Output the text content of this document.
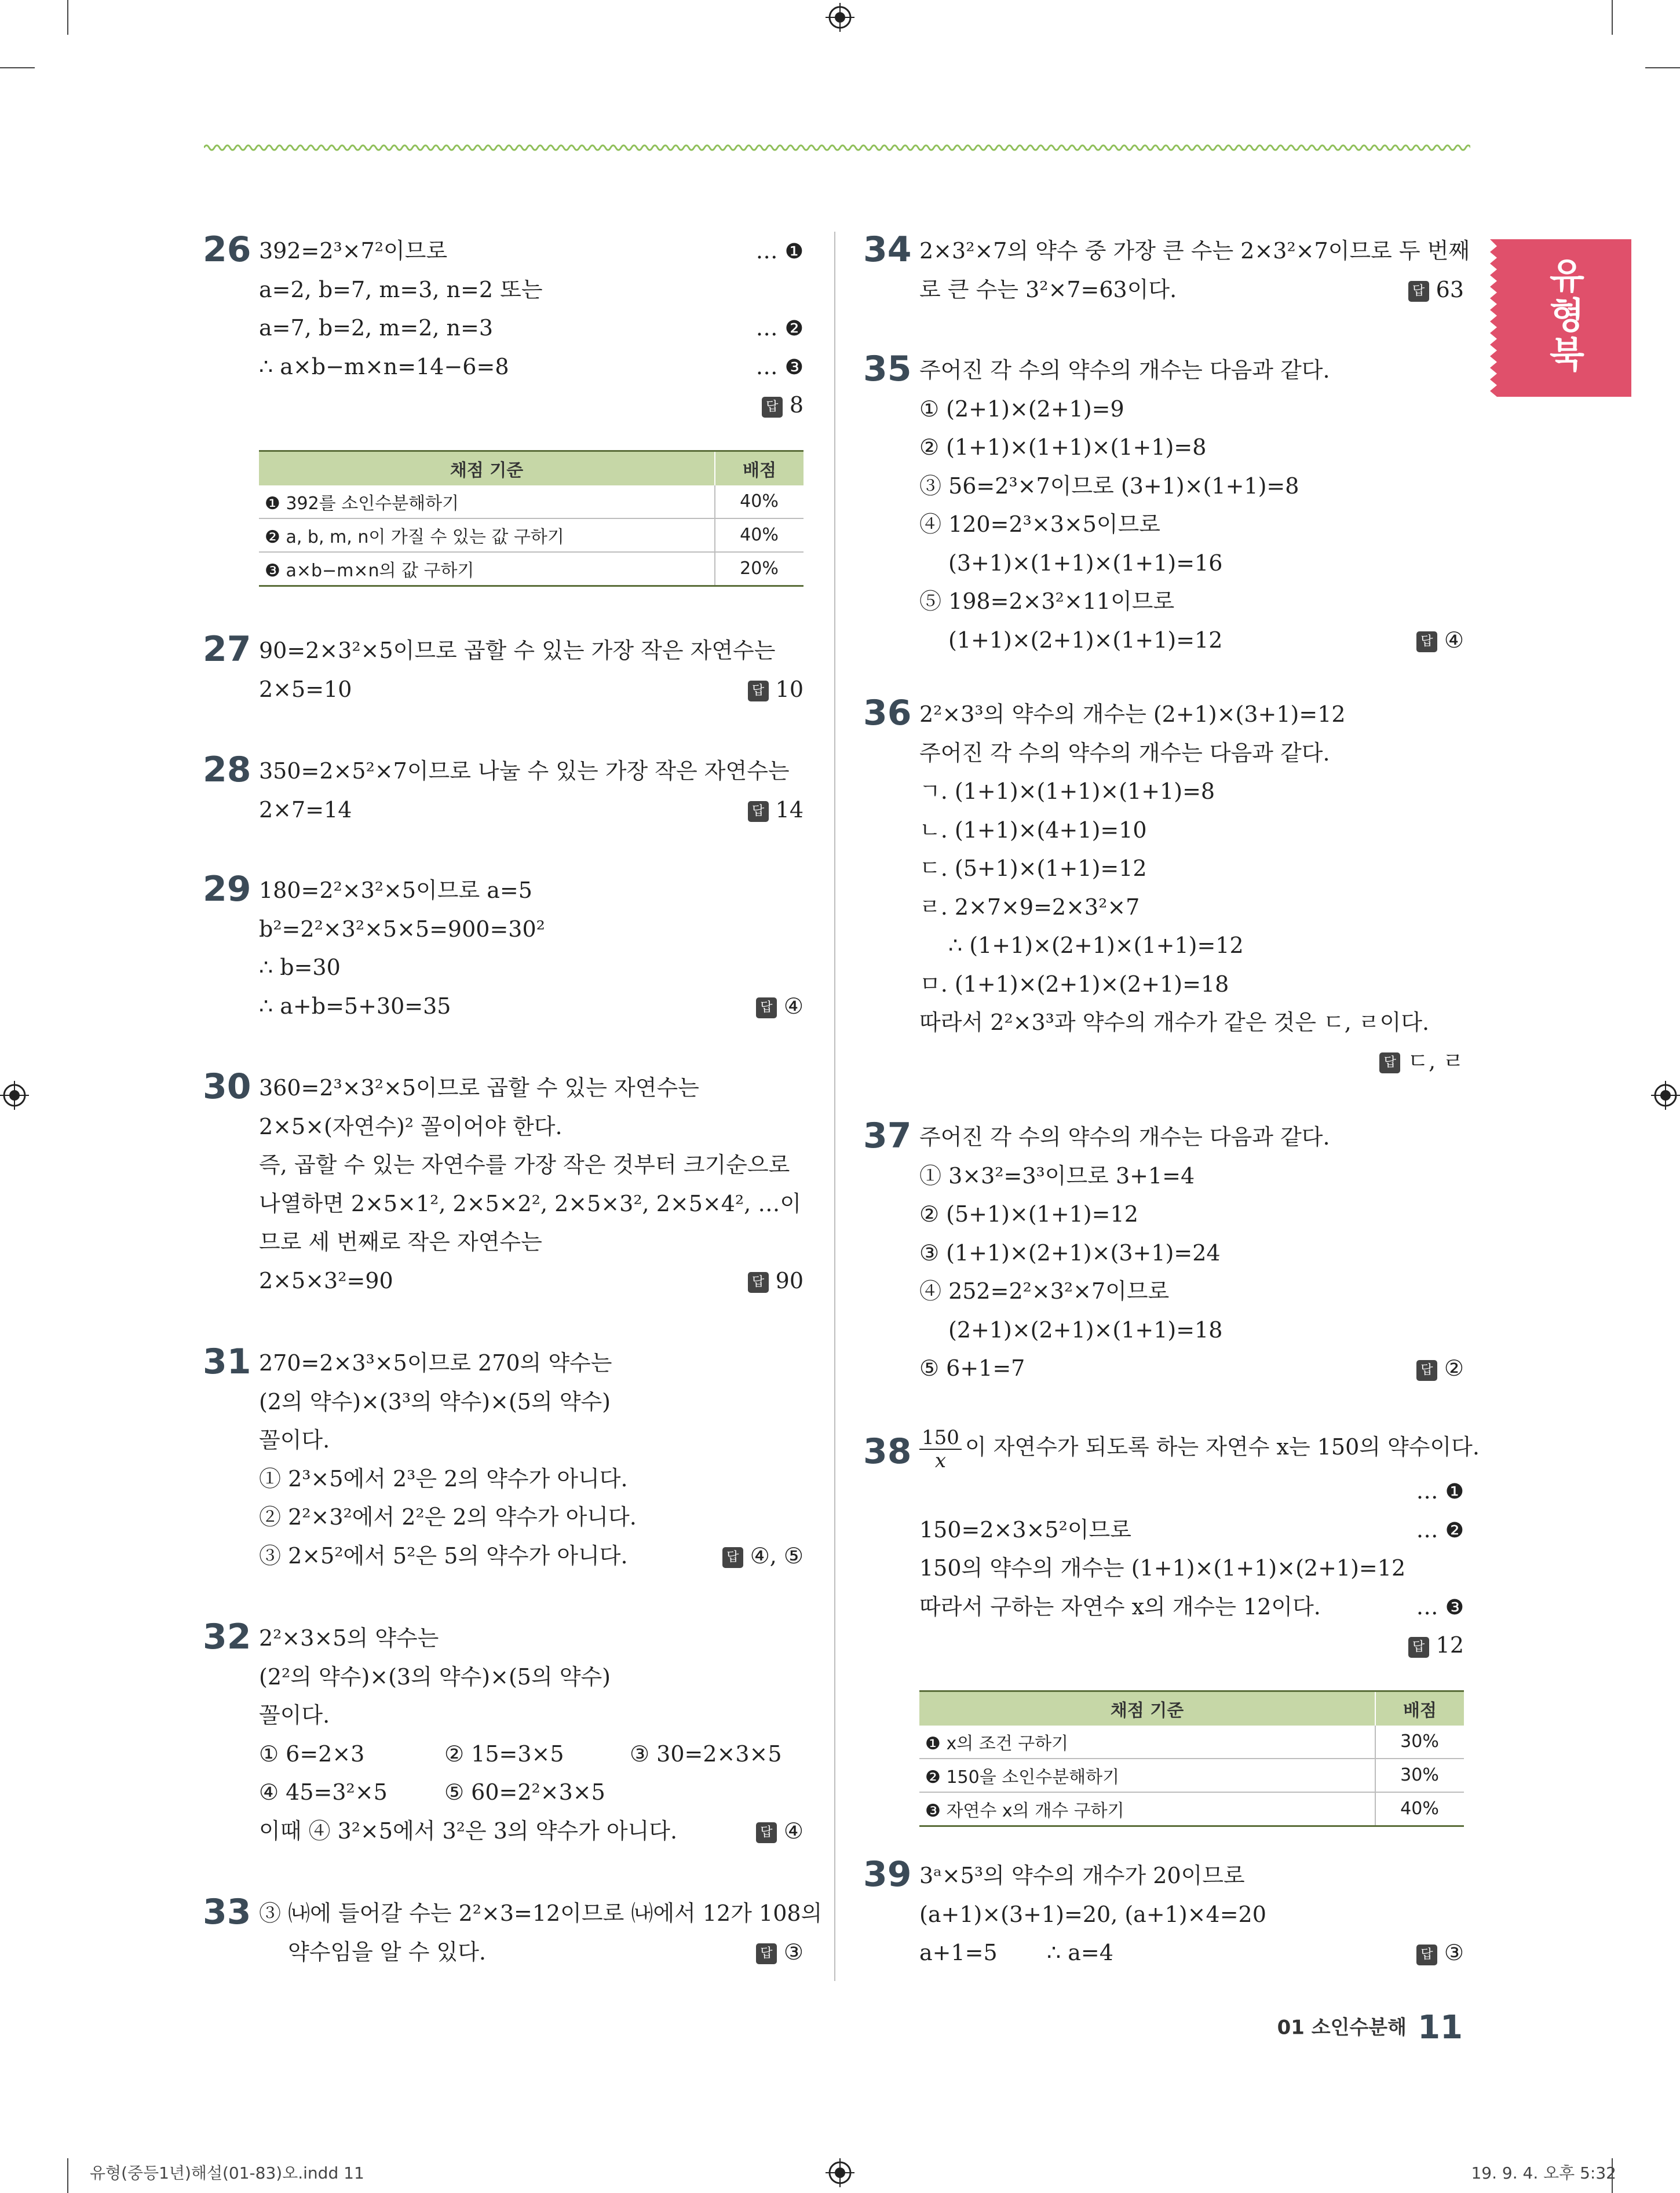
유형북
26 392=2³×7²이므로	… ❶
a=2, b=7, m=3, n=2 또는
a=7, b=2, m=2, n=3	… ❷
∴ a×b−m×n=14−6=8	… ❸
답 8
채점 기준	배점
❶ 392를 소인수분해하기	40%
❷ a, b, m, n이 가질 수 있는 값 구하기	40%
❸ a×b−m×n의 값 구하기	20%
27 90=2×3²×5이므로 곱할 수 있는 가장 작은 자연수는
2×5=10	답 10
28 350=2×5²×7이므로 나눌 수 있는 가장 작은 자연수는
2×7=14	답 14
29 180=2²×3²×5이므로 a=5
b²=2²×3²×5×5=900=30²
∴ b=30
∴ a+b=5+30=35	답 ④
30 360=2³×3²×5이므로 곱할 수 있는 자연수는
2×5×(자연수)² 꼴이어야 한다.
즉, 곱할 수 있는 자연수를 가장 작은 것부터 크기순으로
나열하면 2×5×1², 2×5×2², 2×5×3², 2×5×4², …이
므로 세 번째로 작은 자연수는
2×5×3²=90	답 90
31 270=2×3³×5이므로 270의 약수는
(2의 약수)×(3³의 약수)×(5의 약수)
꼴이다.
① 2³×5에서 2³은 2의 약수가 아니다.
② 2²×3²에서 2²은 2의 약수가 아니다.
③ 2×5²에서 5²은 5의 약수가 아니다.	답 ④, ⑤
32 2²×3×5의 약수는
(2²의 약수)×(3의 약수)×(5의 약수)
꼴이다.
① 6=2×3	② 15=3×5	③ 30=2×3×5
④ 45=3²×5	⑤ 60=2²×3×5
이때 ④ 3²×5에서 3²은 3의 약수가 아니다.	답 ④
33 ③ ㈏에 들어갈 수는 2²×3=12이므로 ㈏에서 12가 108의
약수임을 알 수 있다.	답 ③
34 2×3²×7의 약수 중 가장 큰 수는 2×3²×7이므로 두 번째
로 큰 수는 3²×7=63이다.	답 63
35 주어진 각 수의 약수의 개수는 다음과 같다.
① (2+1)×(2+1)=9
② (1+1)×(1+1)×(1+1)=8
③ 56=2³×7이므로 (3+1)×(1+1)=8
④ 120=2³×3×5이므로
(3+1)×(1+1)×(1+1)=16
⑤ 198=2×3²×11이므로
(1+1)×(2+1)×(1+1)=12	답 ④
36 2²×3³의 약수의 개수는 (2+1)×(3+1)=12
주어진 각 수의 약수의 개수는 다음과 같다.
ㄱ. (1+1)×(1+1)×(1+1)=8
ㄴ. (1+1)×(4+1)=10
ㄷ. (5+1)×(1+1)=12
ㄹ. 2×7×9=2×3²×7
∴ (1+1)×(2+1)×(1+1)=12
ㅁ. (1+1)×(2+1)×(2+1)=18
따라서 2²×3³과 약수의 개수가 같은 것은 ㄷ, ㄹ이다.
답 ㄷ, ㄹ
37 주어진 각 수의 약수의 개수는 다음과 같다.
① 3×3²=3³이므로 3+1=4
② (5+1)×(1+1)=12
③ (1+1)×(2+1)×(3+1)=24
④ 252=2²×3²×7이므로
(2+1)×(2+1)×(1+1)=18
⑤ 6+1=7	답 ②
$38 \frac{150}{x}$ 이 자연수가 되도록 하는 자연수 x는 150의 약수이다.
… ❶
150=2×3×5²이므로	… ❷
150의 약수의 개수는 (1+1)×(1+1)×(2+1)=12
따라서 구하는 자연수 x의 개수는 12이다.	… ❸
답 12
채점 기준	배점
❶ x의 조건 구하기	30%
❷ 150을 소인수분해하기	30%
❸ 자연수 x의 개수 구하기	40%
39 3ᵃ×5³의 약수의 개수가 20이므로
(a+1)×(3+1)=20, (a+1)×4=20
a+1=5 ∴ a=4	답 ③
01 소인수분해 11
유형(중등1년)해설(01-83)오.indd 11	19. 9. 4. 오후 5:32
